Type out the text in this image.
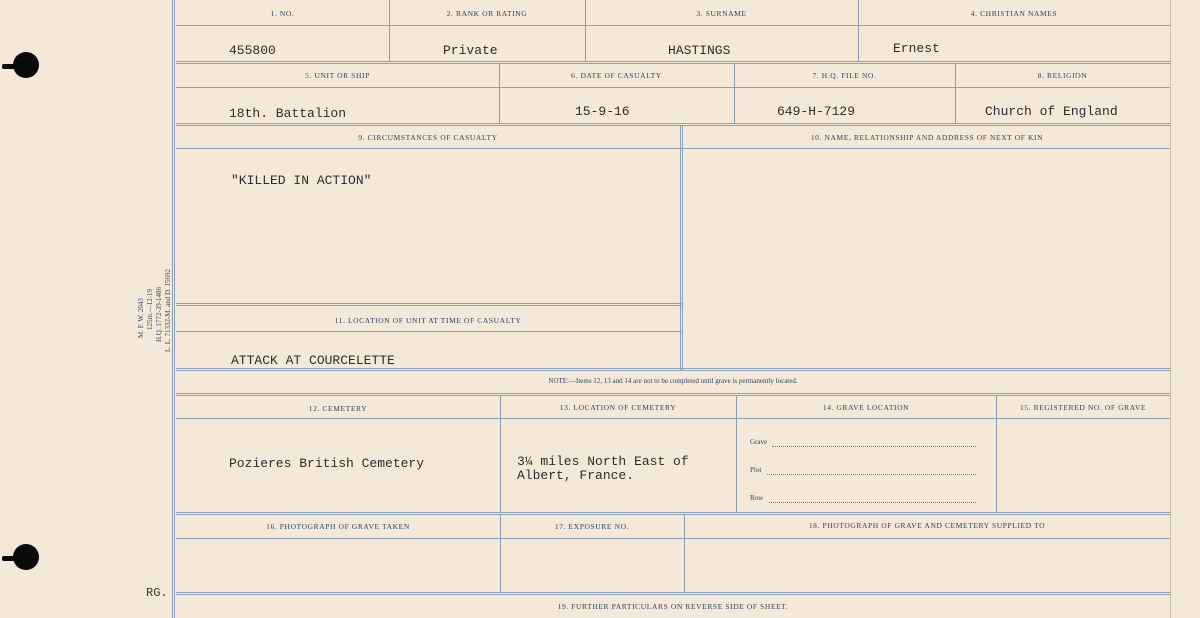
M. F. W. 2043 125m.—12-19 H.Q. 1772-39-1486 L. L. 71332-M. and D. 15692
RG.
1. NO.	2. RANK OR RATING	3. SURNAME	4. CHRISTIAN NAMES
455800	Private	HASTINGS	Ernest
5. UNIT OR SHIP	6. DATE OF CASUALTY	7. H.Q. FILE NO.	8. RELIGION
18th. Battalion	15-9-16	649-H-7129	Church of England
9. CIRCUMSTANCES OF CASUALTY	10. NAME, RELATIONSHIP AND ADDRESS OF NEXT OF KIN
"KILLED IN ACTION"
11. LOCATION OF UNIT AT TIME OF CASUALTY
ATTACK AT COURCELETTE
NOTE:—Items 12, 13 and 14 are not to be completed until grave is permanently located.
12. CEMETERY	13. LOCATION OF CEMETERY	14. GRAVE LOCATION	15. REGISTERED NO. OF GRAVE
Pozieres British Cemetery	3¼ miles North East of
Albert, France.
Grave
Plot
Row
16. PHOTOGRAPH OF GRAVE TAKEN	17. EXPOSURE NO.	18. PHOTOGRAPH OF GRAVE AND CEMETERY SUPPLIED TO
19. FURTHER PARTICULARS ON REVERSE SIDE OF SHEET.
